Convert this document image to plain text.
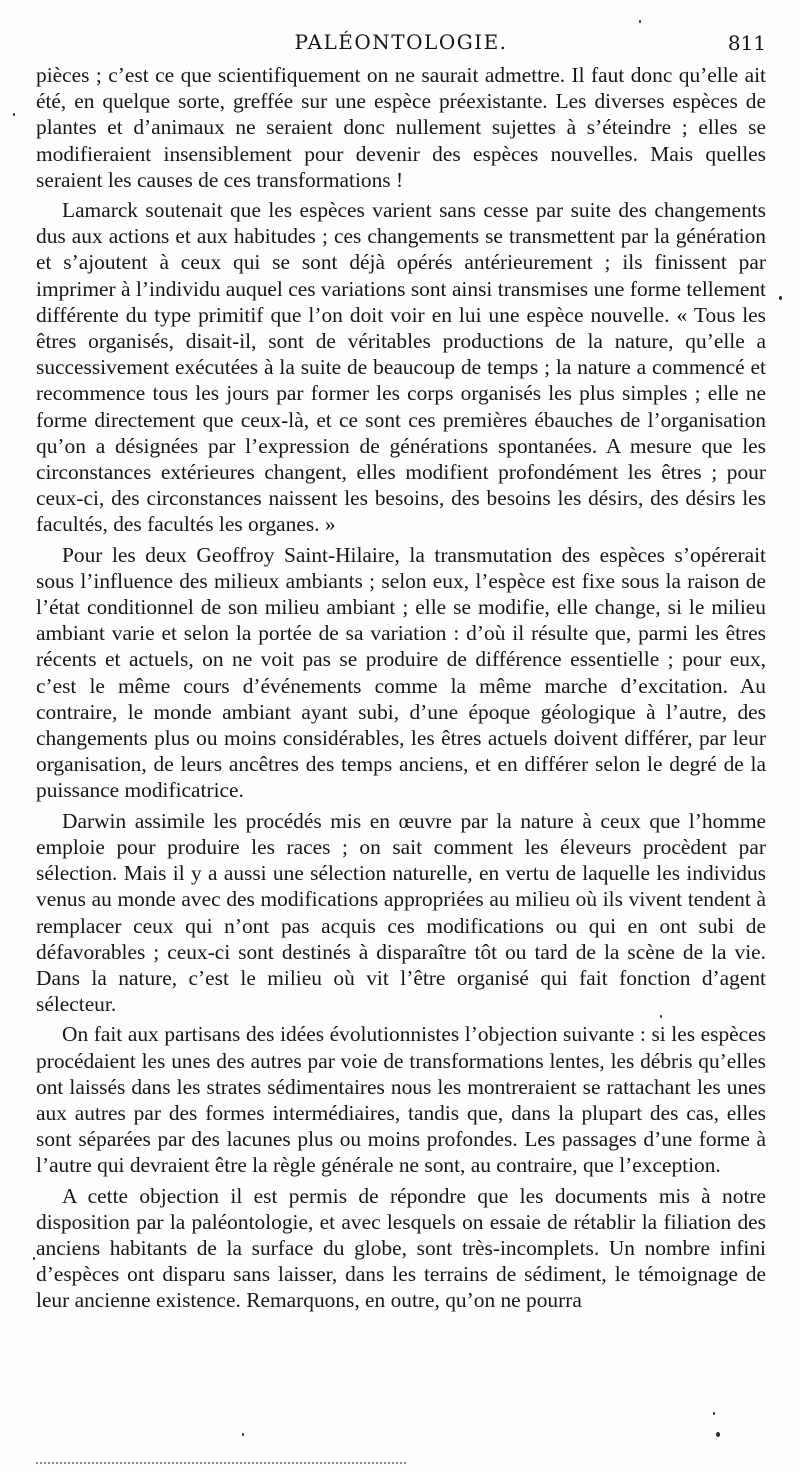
PALÉONTOLOGIE.	811

pièces ; c’est ce que scientifiquement on ne saurait admettre. Il faut donc qu’elle ait été, en quelque sorte, greffée sur une espèce préexistante. Les diverses espèces de plantes et d’animaux ne seraient donc nullement sujettes à s’éteindre ; elles se modifieraient insensiblement pour devenir des espèces nouvelles. Mais quelles seraient les causes de ces transformations !

Lamarck soutenait que les espèces varient sans cesse par suite des changements dus aux actions et aux habitudes ; ces changements se transmettent par la génération et s’ajoutent à ceux qui se sont déjà opérés antérieurement ; ils finissent par imprimer à l’individu auquel ces variations sont ainsi transmises une forme tellement différente du type primitif que l’on doit voir en lui une espèce nouvelle. « Tous les êtres organisés, disait-il, sont de véritables productions de la nature, qu’elle a successivement exécutées à la suite de beaucoup de temps ; la nature a commencé et recommence tous les jours par former les corps organisés les plus simples ; elle ne forme directement que ceux-là, et ce sont ces premières ébauches de l’organisation qu’on a désignées par l’expression de générations spontanées. A mesure que les circonstances extérieures changent, elles modifient profondément les êtres ; pour ceux-ci, des circonstances naissent les besoins, des besoins les désirs, des désirs les facultés, des facultés les organes. »

Pour les deux Geoffroy Saint-Hilaire, la transmutation des espèces s’opérerait sous l’influence des milieux ambiants ; selon eux, l’espèce est fixe sous la raison de l’état conditionnel de son milieu ambiant ; elle se modifie, elle change, si le milieu ambiant varie et selon la portée de sa variation : d’où il résulte que, parmi les êtres récents et actuels, on ne voit pas se produire de différence essentielle ; pour eux, c’est le même cours d’événements comme la même marche d’excitation. Au contraire, le monde ambiant ayant subi, d’une époque géologique à l’autre, des changements plus ou moins considérables, les êtres actuels doivent différer, par leur organisation, de leurs ancêtres des temps anciens, et en différer selon le degré de la puissance modificatrice.

Darwin assimile les procédés mis en œuvre par la nature à ceux que l’homme emploie pour produire les races ; on sait comment les éleveurs procèdent par sélection. Mais il y a aussi une sélection naturelle, en vertu de laquelle les individus venus au monde avec des modifications appropriées au milieu où ils vivent tendent à remplacer ceux qui n’ont pas acquis ces modifications ou qui en ont subi de défavorables ; ceux-ci sont destinés à disparaître tôt ou tard de la scène de la vie. Dans la nature, c’est le milieu où vit l’être organisé qui fait fonction d’agent sélecteur.

On fait aux partisans des idées évolutionnistes l’objection suivante : si les espèces procédaient les unes des autres par voie de transformations lentes, les débris qu’elles ont laissés dans les strates sédimentaires nous les montreraient se rattachant les unes aux autres par des formes intermédiaires, tandis que, dans la plupart des cas, elles sont séparées par des lacunes plus ou moins profondes. Les passages d’une forme à l’autre qui devraient être la règle générale ne sont, au contraire, que l’exception.

A cette objection il est permis de répondre que les documents mis à notre disposition par la paléontologie, et avec lesquels on essaie de rétablir la filiation des anciens habitants de la surface du globe, sont très-incomplets. Un nombre infini d’espèces ont disparu sans laisser, dans les terrains de sédiment, le témoignage de leur ancienne existence. Remarquons, en outre, qu’on ne pourra
